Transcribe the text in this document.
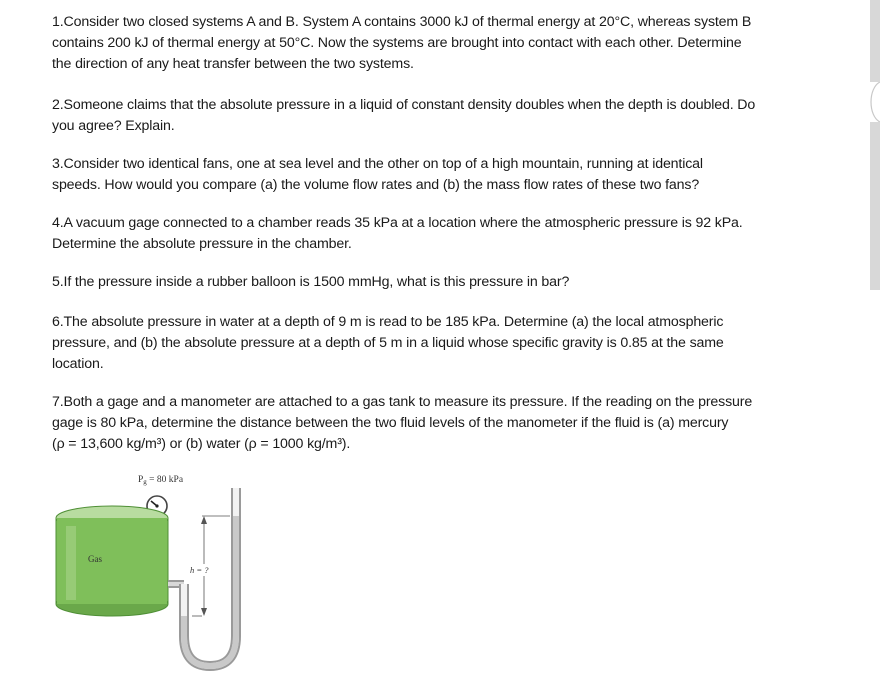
1.Consider two closed systems A and B. System A contains 3000 kJ of thermal energy at 20°C, whereas system B
contains 200 kJ of thermal energy at 50°C. Now the systems are brought into contact with each other. Determine
the direction of any heat transfer between the two systems.
2.Someone claims that the absolute pressure in a liquid of constant density doubles when the depth is doubled. Do
you agree? Explain.
3.Consider two identical fans, one at sea level and the other on top of a high mountain, running at identical
speeds. How would you compare (a) the volume flow rates and (b) the mass flow rates of these two fans?
4.A vacuum gage connected to a chamber reads 35 kPa at a location where the atmospheric pressure is 92 kPa.
Determine the absolute pressure in the chamber.
5.If the pressure inside a rubber balloon is 1500 mmHg, what is this pressure in bar?
6.The absolute pressure in water at a depth of 9 m is read to be 185 kPa. Determine (a) the local atmospheric
pressure, and (b) the absolute pressure at a depth of 5 m in a liquid whose specific gravity is 0.85 at the same
location.
7.Both a gage and a manometer are attached to a gas tank to measure its pressure. If the reading on the pressure
gage is 80 kPa, determine the distance between the two fluid levels of the manometer if the fluid is (a) mercury
(ρ = 13,600 kg/m³) or (b) water (ρ = 1000 kg/m³).
$P_g = 80$ kPa
Gas
h = ?
